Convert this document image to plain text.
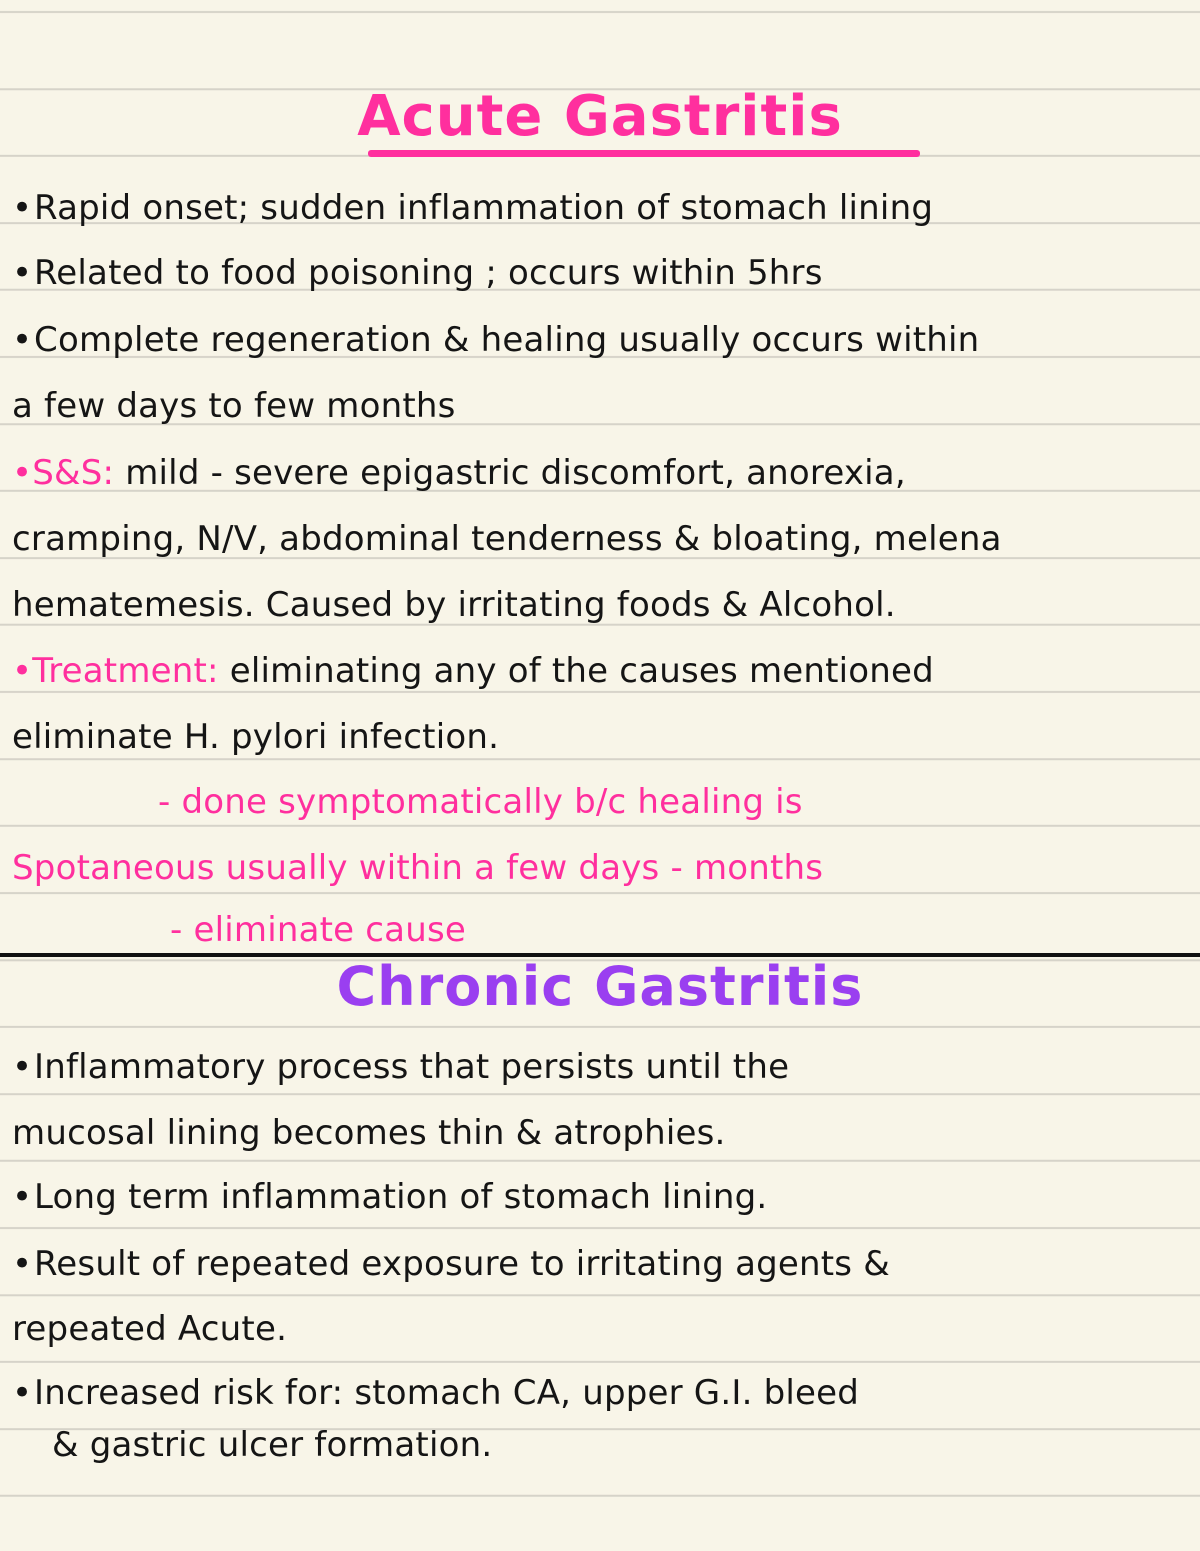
Acute Gastritis
•Rapid onset; sudden inflammation of stomach lining
•Related to food poisoning ; occurs within 5hrs
•Complete regeneration & healing usually occurs within
a few days to few months
•S&S: mild - severe epigastric discomfort, anorexia,
cramping, N/V, abdominal tenderness & bloating, melena
hematemesis. Caused by irritating foods & Alcohol.
•Treatment: eliminating any of the causes mentioned
eliminate H. pylori infection.
- done symptomatically b/c healing is
Spotaneous usually within a few days - months
- eliminate cause
Chronic Gastritis
•Inflammatory process that persists until the
mucosal lining becomes thin & atrophies.
•Long term inflammation of stomach lining.
•Result of repeated exposure to irritating agents &
repeated Acute.
•Increased risk for: stomach CA, upper G.I. bleed
& gastric ulcer formation.
